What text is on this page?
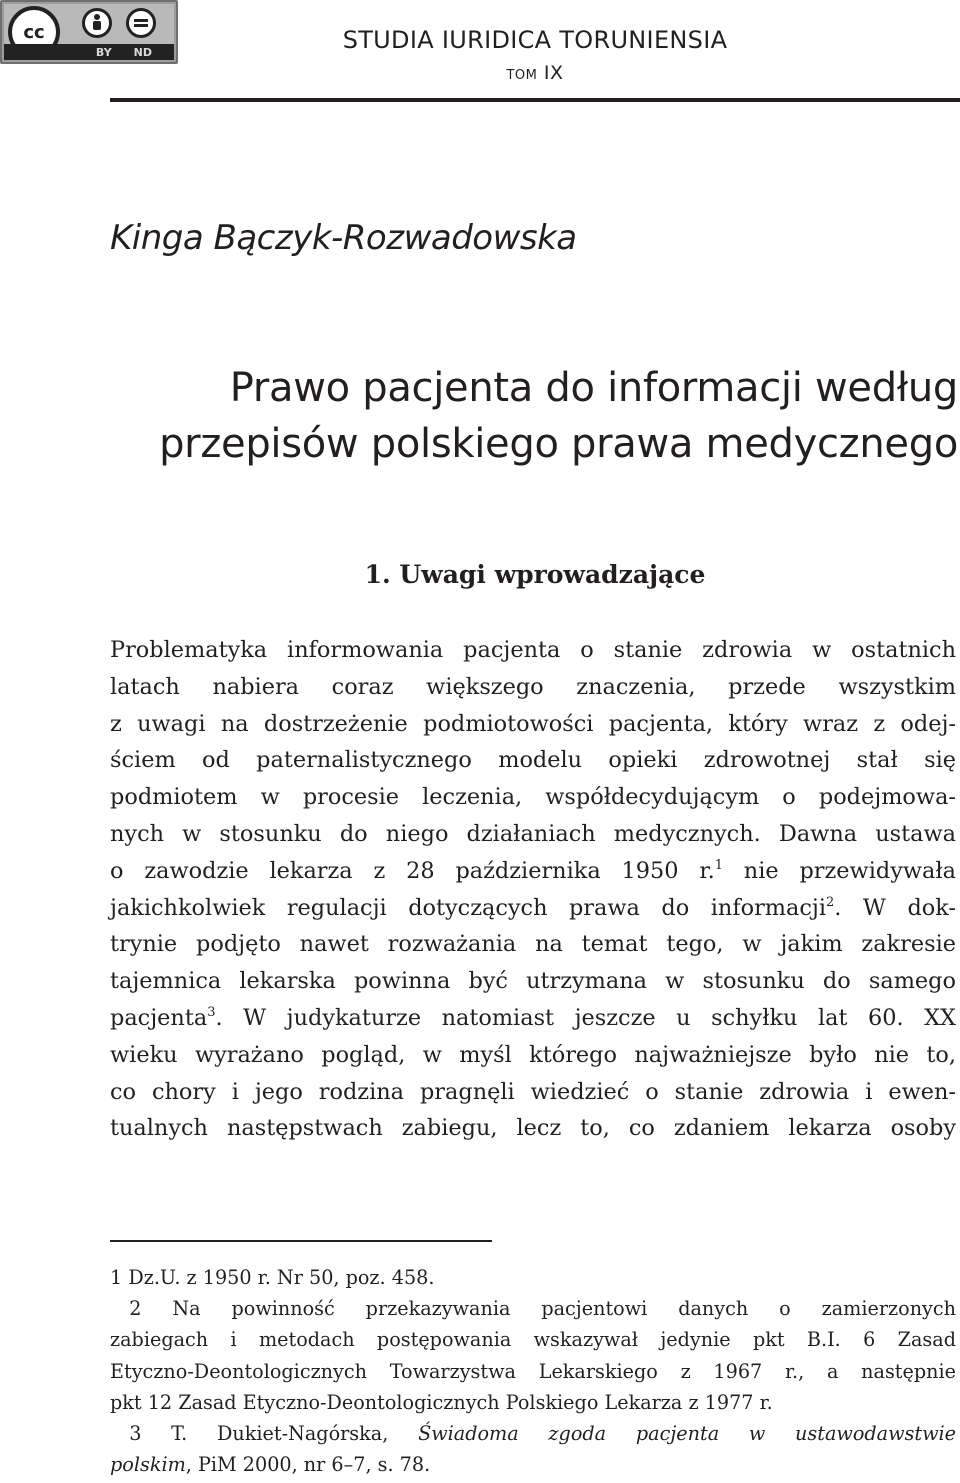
cc
BY ND	STUDIA IURIDICA TORUNIENSIA
tom IX
Kinga Bączyk-Rozwadowska
Prawo pacjenta do informacji według
przepisów polskiego prawa medycznego
1. Uwagi wprowadzające
Problematyka informowania pacjenta o stanie zdrowia w ostatnich
latach nabiera coraz większego znaczenia, przede wszystkim
z uwagi na dostrzeżenie podmiotowości pacjenta, który wraz z odej-
ściem od paternalistycznego modelu opieki zdrowotnej stał się
podmiotem w procesie leczenia, współdecydującym o podejmowa-
nych w stosunku do niego działaniach medycznych. Dawna ustawa
o zawodzie lekarza z 28 października 1950 r.$^1$ nie przewidywała
jakichkolwiek regulacji dotyczących prawa do informacji$^2$. W dok-
trynie podjęto nawet rozważania na temat tego, w jakim zakresie
tajemnica lekarska powinna być utrzymana w stosunku do samego
pacjenta$^3$. W judykaturze natomiast jeszcze u schyłku lat 60. XX
wieku wyrażano pogląd, w myśl którego najważniejsze było nie to,
co chory i jego rodzina pragnęli wiedzieć o stanie zdrowia i ewen-
tualnych następstwach zabiegu, lecz to, co zdaniem lekarza osoby
1 Dz.U. z 1950 r. Nr 50, poz. 458.
 2 Na powinność przekazywania pacjentowi danych o zamierzonych
zabiegach i metodach postępowania wskazywał jedynie pkt B.I. 6 Zasad
Etyczno-Deontologicznych Towarzystwa Lekarskiego z 1967 r., a następnie
pkt 12 Zasad Etyczno-Deontologicznych Polskiego Lekarza z 1977 r.
 3 T. Dukiet-Nagórska, Świadoma zgoda pacjenta w ustawodawstwie
polskim, PiM 2000, nr 6–7, s. 78.
